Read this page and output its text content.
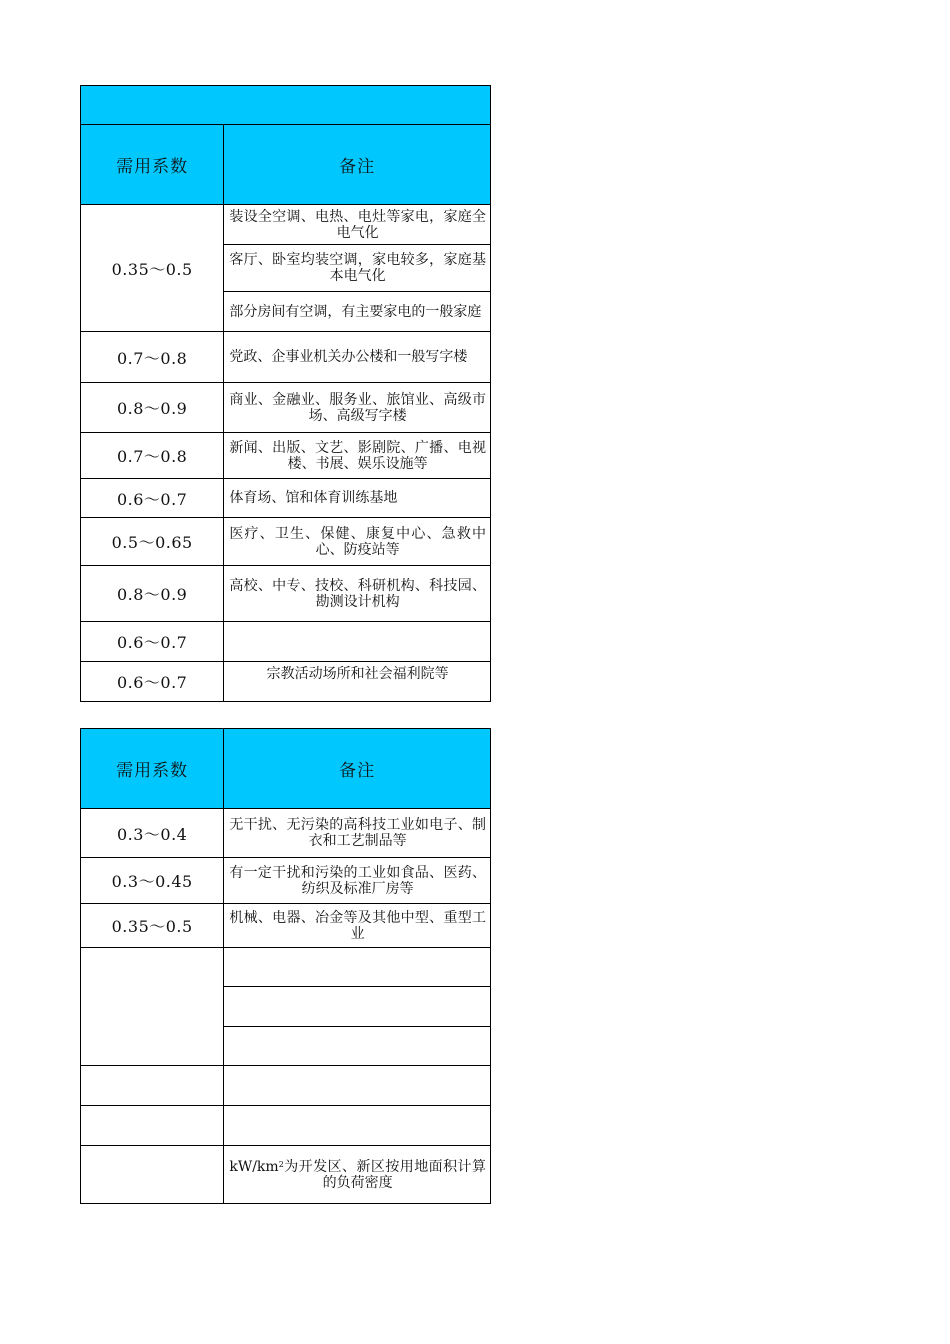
需用系数	备注
0.35～0.5	装设全空调、电热、电灶等家电，家庭全电气化
	客厅、卧室均装空调，家电较多，家庭基本电气化
	部分房间有空调，有主要家电的一般家庭
0.7～0.8	党政、企事业机关办公楼和一般写字楼
0.8～0.9	商业、金融业、服务业、旅馆业、高级市场、高级写字楼
0.7～0.8	新闻、出版、文艺、影剧院、广播、电视楼、书展、娱乐设施等
0.6～0.7	体育场、馆和体育训练基地
0.5～0.65	医疗、卫生、保健、康复中心、急救中心、防疫站等
0.8～0.9	高校、中专、技校、科研机构、科技园、勘测设计机构
0.6～0.7	
0.6～0.7	宗教活动场所和社会福利院等
需用系数	备注
0.3～0.4	无干扰、无污染的高科技工业如电子、制衣和工艺制品等
0.3～0.45	有一定干扰和污染的工业如食品、医药、纺织及标准厂房等
0.35～0.5	机械、电器、冶金等及其他中型、重型工业

	$kW/km^2$为开发区、新区按用地面积计算的负荷密度
